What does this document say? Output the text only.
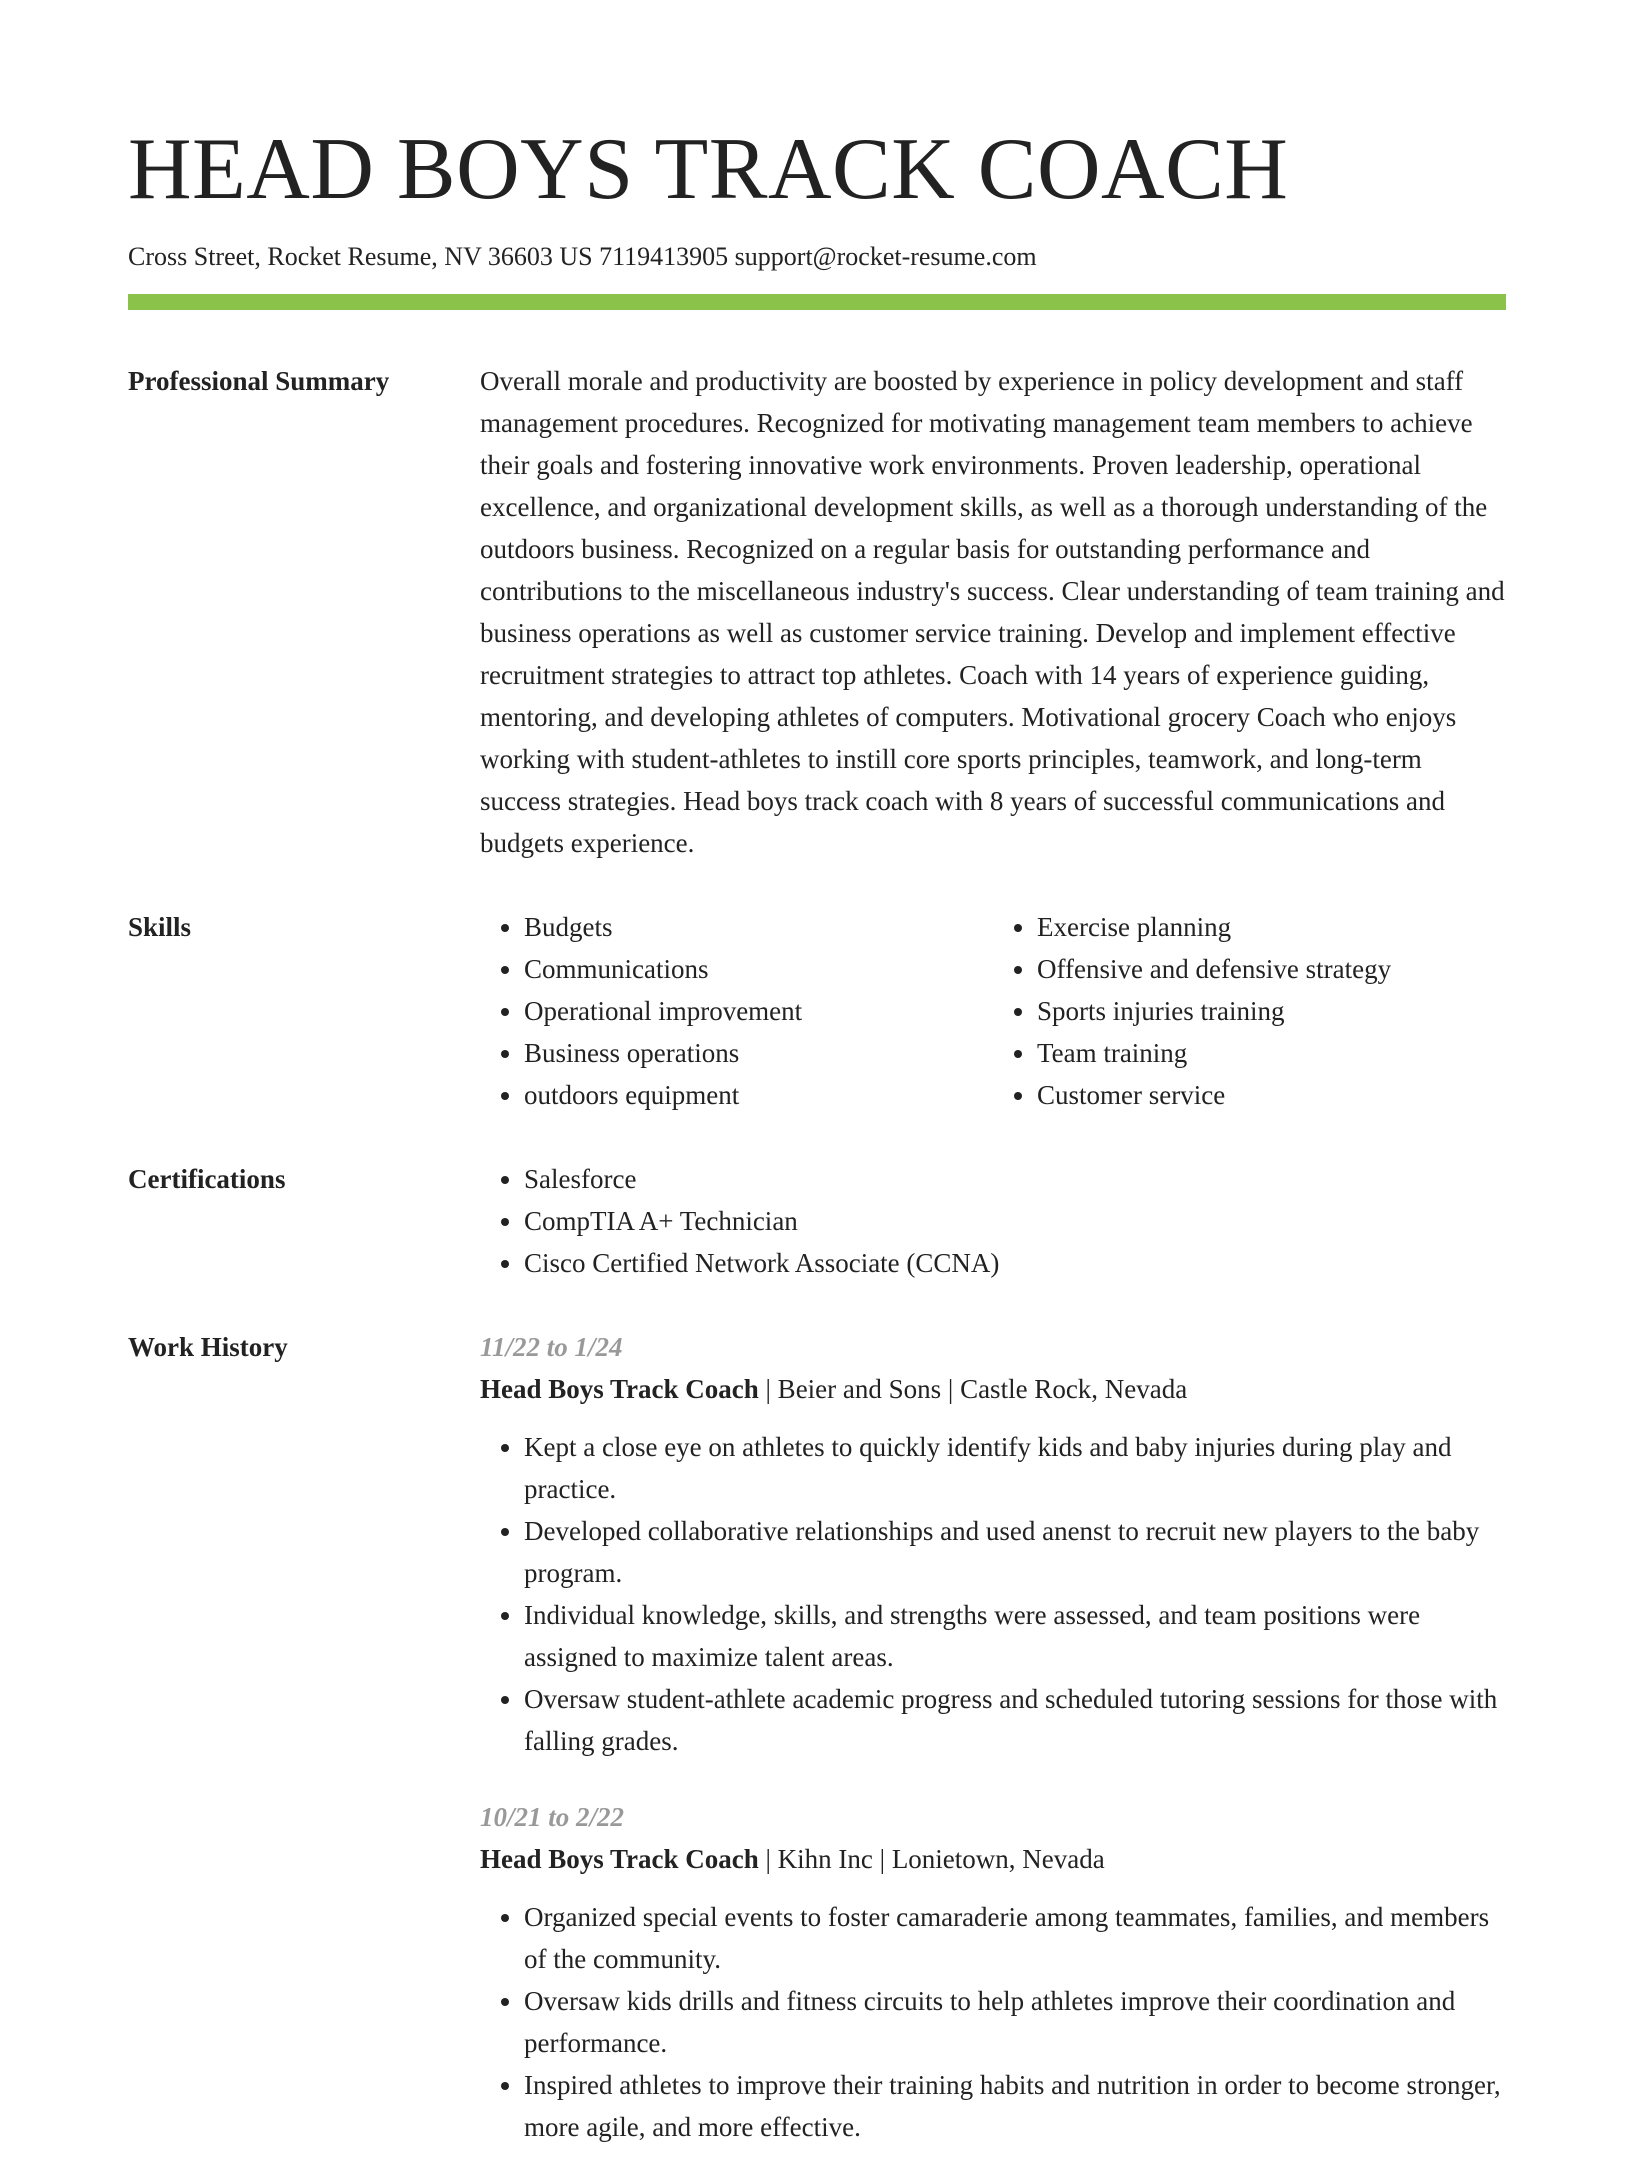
HEAD BOYS TRACK COACH
Cross Street, Rocket Resume, NV 36603 US 7119413905 support@rocket-resume.com
Professional Summary	Overall morale and productivity are boosted by experience in policy development and staff management procedures. Recognized for motivating management team members to achieve their goals and fostering innovative work environments. Proven leadership, operational excellence, and organizational development skills, as well as a thorough understanding of the outdoors business. Recognized on a regular basis for outstanding performance and contributions to the miscellaneous industry's success. Clear understanding of team training and business operations as well as customer service training. Develop and implement effective recruitment strategies to attract top athletes. Coach with 14 years of experience guiding, mentoring, and developing athletes of computers. Motivational grocery Coach who enjoys working with student-athletes to instill core sports principles, teamwork, and long-term success strategies. Head boys track coach with 8 years of successful communications and budgets experience.

Skills	• Budgets
• Communications
• Operational improvement
• Business operations
• outdoors equipment
• Exercise planning
• Offensive and defensive strategy
• Sports injuries training
• Team training
• Customer service
Certifications	• Salesforce
• CompTIA A+ Technician
• Cisco Certified Network Associate (CCNA)
Work History	11/22 to 1/24
Head Boys Track Coach | Beier and Sons | Castle Rock, Nevada
• Kept a close eye on athletes to quickly identify kids and baby injuries during play and practice.
• Developed collaborative relationships and used anenst to recruit new players to the baby program.
• Individual knowledge, skills, and strengths were assessed, and team positions were assigned to maximize talent areas.
• Oversaw student-athlete academic progress and scheduled tutoring sessions for those with falling grades.
10/21 to 2/22
Head Boys Track Coach | Kihn Inc | Lonietown, Nevada
• Organized special events to foster camaraderie among teammates, families, and members of the community.
• Oversaw kids drills and fitness circuits to help athletes improve their coordination and performance.
• Inspired athletes to improve their training habits and nutrition in order to become stronger, more agile, and more effective.
